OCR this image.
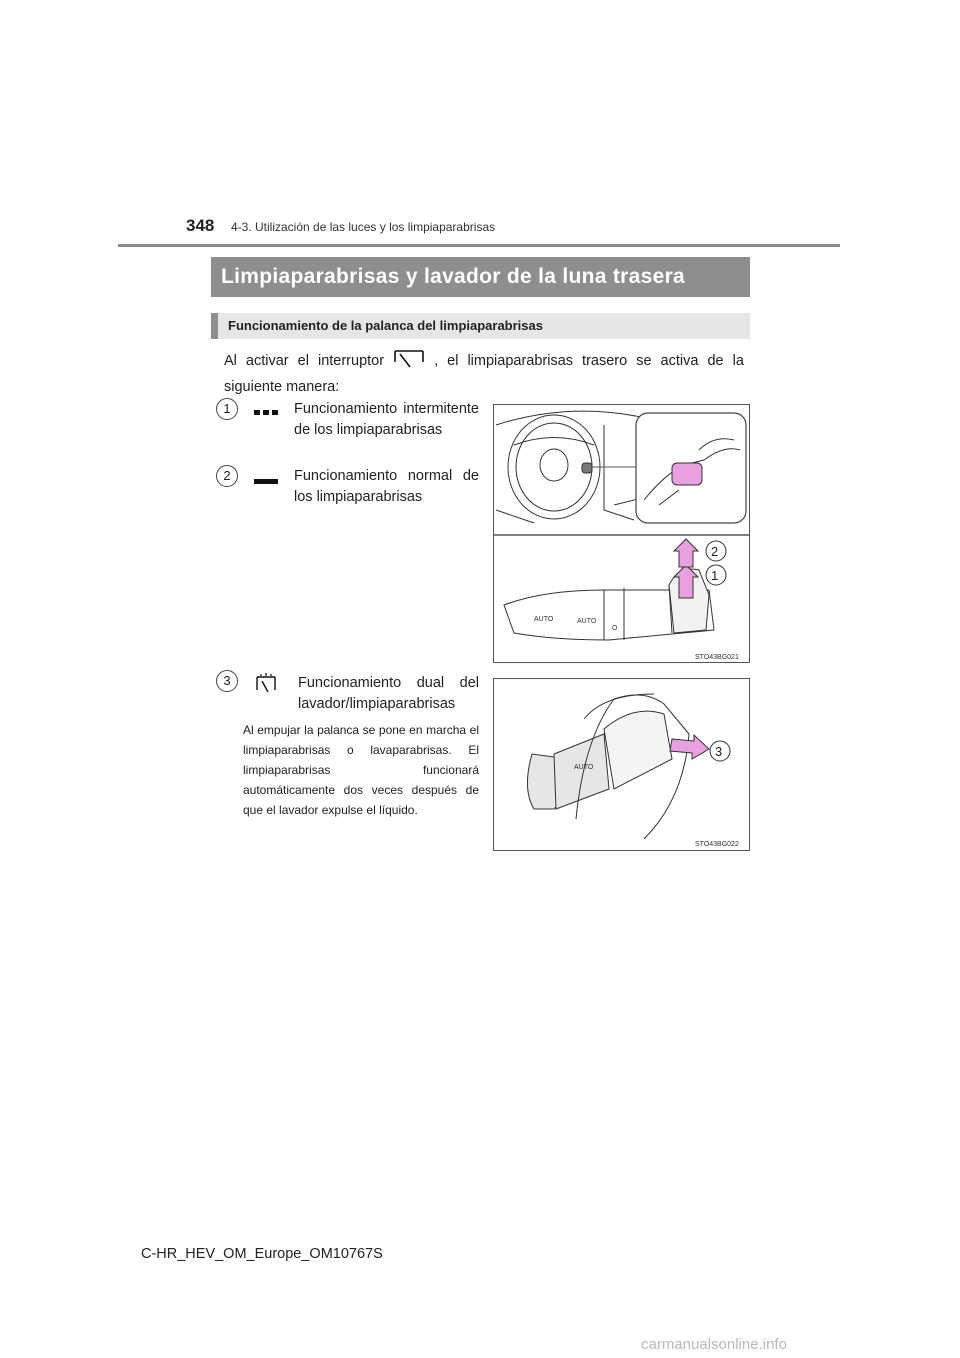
348 4-3. Utilización de las luces y los limpiaparabrisas
Limpiaparabrisas y lavador de la luna trasera
Funcionamiento de la palanca del limpiaparabrisas
Al activar el interruptor	, el limpiaparabrisas trasero se activa de la
siguiente manera:
1	Funcionamiento intermitente de los limpiaparabrisas
2	Funcionamiento normal de los limpiaparabrisas
AUTO	AUTO
O
2
1
STO43BG021
3	Funcionamiento dual del lavador/limpiaparabrisas
Al empujar la palanca se pone en marcha el limpiaparabrisas o lavaparabrisas. El limpiaparabrisas funcionará automáticamente dos veces después de que el lavador expulse el líquido.
AUTO
3
STO43BG022
C-HR_HEV_OM_Europe_OM10767S
carmanualsonline.info
